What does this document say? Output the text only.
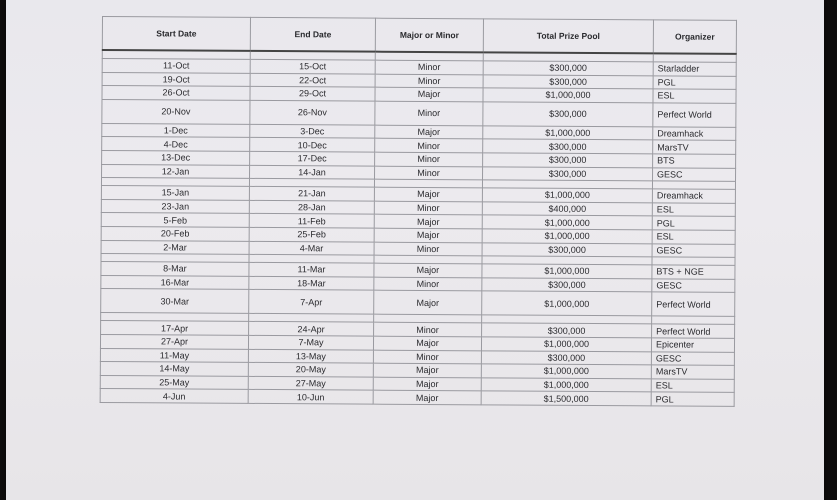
Start Date	End Date	Major or Minor	Total Prize Pool	Organizer

11-Oct	15-Oct	Minor	$300,000	Starladder
19-Oct	22-Oct	Minor	$300,000	PGL
26-Oct	29-Oct	Major	$1,000,000	ESL
20-Nov	26-Nov	Minor	$300,000	Perfect World
1-Dec	3-Dec	Major	$1,000,000	Dreamhack
4-Dec	10-Dec	Minor	$300,000	MarsTV
13-Dec	17-Dec	Minor	$300,000	BTS
12-Jan	14-Jan	Minor	$300,000	GESC

15-Jan	21-Jan	Major	$1,000,000	Dreamhack
23-Jan	28-Jan	Minor	$400,000	ESL
5-Feb	11-Feb	Major	$1,000,000	PGL
20-Feb	25-Feb	Major	$1,000,000	ESL
2-Mar	4-Mar	Minor	$300,000	GESC

8-Mar	11-Mar	Major	$1,000,000	BTS + NGE
16-Mar	18-Mar	Minor	$300,000	GESC
30-Mar	7-Apr	Major	$1,000,000	Perfect World

17-Apr	24-Apr	Minor	$300,000	Perfect World
27-Apr	7-May	Major	$1,000,000	Epicenter
11-May	13-May	Minor	$300,000	GESC
14-May	20-May	Major	$1,000,000	MarsTV
25-May	27-May	Major	$1,000,000	ESL
4-Jun	10-Jun	Major	$1,500,000	PGL
